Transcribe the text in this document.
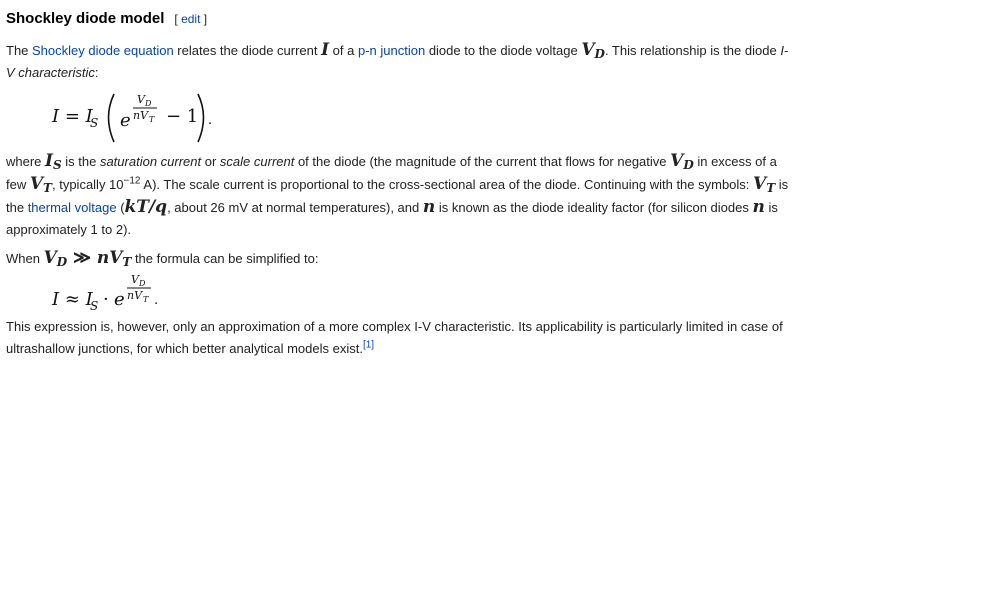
Shockley diode model [ edit ]

The Shockley diode equation relates the diode current I of a p-n junction diode to the diode voltage $V_D$. This relationship is the diode I-V characteristic:

I = I
S e
V D
nV T − 1 .

where $I_S$ is the saturation current or scale current of the diode (the magnitude of the current that flows for negative $V_D$ in excess of a few $V_T$, typically $10^{-12}$ A). The scale current is proportional to the cross-sectional area of the diode. Continuing with the symbols: $V_T$ is the thermal voltage (kT/q, about 26 mV at normal temperatures), and n is known as the diode ideality factor (for silicon diodes n is approximately 1 to 2).

When $V_D$ ≫ $nV_T$ the formula can be simplified to:

I ≈ I
S · e
V D
nV T .

This expression is, however, only an approximation of a more complex I-V characteristic. Its applicability is particularly limited in case of ultrashallow junctions, for which better analytical models exist.[1]
